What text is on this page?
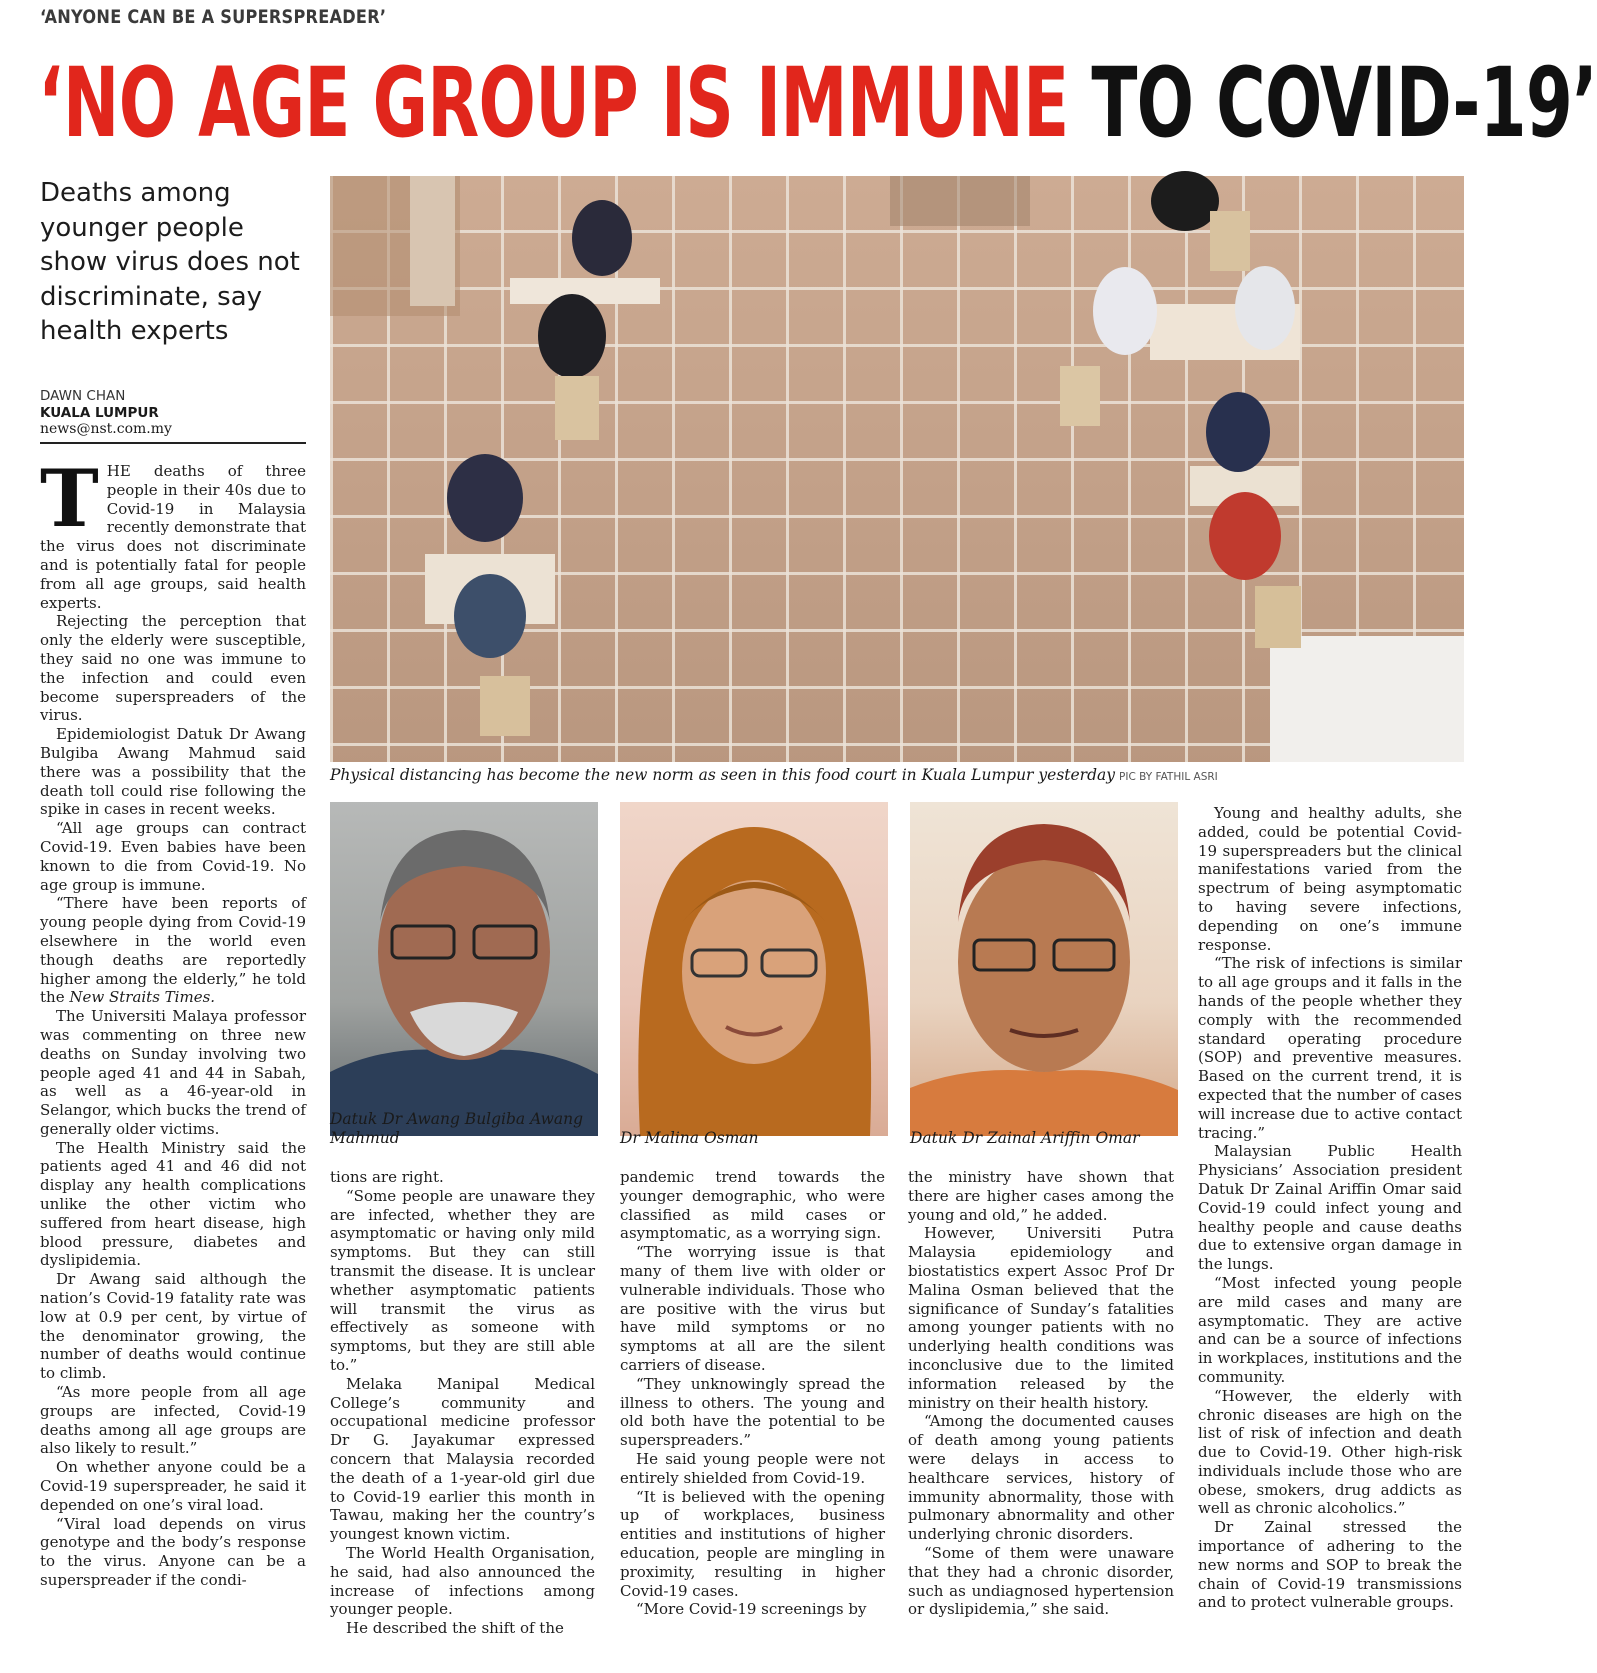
‘ANYONE CAN BE A SUPERSPREADER’
‘NO AGE GROUP IS IMMUNE TO COVID-19’
Deaths among younger people show virus does not discriminate, say health experts
DAWN CHAN
KUALA LUMPUR
news@nst.com.my
Physical distancing has become the new norm as seen in this food court in Kuala Lumpur yesterday PIC BY FATHIL ASRI
Datuk Dr Awang Bulgiba Awang Mahmud	Dr Malina Osman	Datuk Dr Zainal Ariffin Omar

THE deaths of three people in their 40s due to Covid-19 in Malaysia recently demonstrate that the virus does not discriminate and is potentially fatal for people from all age groups, said health experts.

Rejecting the perception that only the elderly were susceptible, they said no one was immune to the infection and could even become superspreaders of the virus.

Epidemiologist Datuk Dr Awang Bulgiba Awang Mahmud said there was a possibility that the death toll could rise following the spike in cases in recent weeks.

“All age groups can contract Covid-19. Even babies have been known to die from Covid-19. No age group is immune.

“There have been reports of young people dying from Covid-19 elsewhere in the world even though deaths are reportedly higher among the elderly,” he told the New Straits Times.

The Universiti Malaya professor was commenting on three new deaths on Sunday involving two people aged 41 and 44 in Sabah, as well as a 46-year-old in Selangor, which bucks the trend of generally older victims.

The Health Ministry said the patients aged 41 and 46 did not display any health complications unlike the other victim who suffered from heart disease, high blood pressure, diabetes and dyslipidemia.

Dr Awang said although the nation’s Covid-19 fatality rate was low at 0.9 per cent, by virtue of the denominator growing, the number of deaths would continue to climb.

“As more people from all age groups are infected, Covid-19 deaths among all age groups are also likely to result.”

On whether anyone could be a Covid-19 superspreader, he said it depended on one’s viral load.

“Viral load depends on virus genotype and the body’s response to the virus. Anyone can be a superspreader if the condi-

tions are right.

“Some people are unaware they are infected, whether they are asymptomatic or having only mild symptoms. But they can still transmit the disease. It is unclear whether asymptomatic patients will transmit the virus as effectively as someone with symptoms, but they are still able to.”

Melaka Manipal Medical College’s community and occupational medicine professor Dr G. Jayakumar expressed concern that Malaysia recorded the death of a 1-year-old girl due to Covid-19 earlier this month in Tawau, making her the country’s youngest known victim.

The World Health Organisation, he said, had also announced the increase of infections among younger people.

He described the shift of the

pandemic trend towards the younger demographic, who were classified as mild cases or asymptomatic, as a worrying sign.

“The worrying issue is that many of them live with older or vulnerable individuals. Those who are positive with the virus but have mild symptoms or no symptoms at all are the silent carriers of disease.

“They unknowingly spread the illness to others. The young and old both have the potential to be superspreaders.”

He said young people were not entirely shielded from Covid-19.

“It is believed with the opening up of workplaces, business entities and institutions of higher education, people are mingling in proximity, resulting in higher Covid-19 cases.

“More Covid-19 screenings by

the ministry have shown that there are higher cases among the young and old,” he added.

However, Universiti Putra Malaysia epidemiology and biostatistics expert Assoc Prof Dr Malina Osman believed that the significance of Sunday’s fatalities among younger patients with no underlying health conditions was inconclusive due to the limited information released by the ministry on their health history.

“Among the documented causes of death among young patients were delays in access to healthcare services, history of immunity abnormality, those with pulmonary abnormality and other underlying chronic disorders.

“Some of them were unaware that they had a chronic disorder, such as undiagnosed hypertension or dyslipidemia,” she said.

Young and healthy adults, she added, could be potential Covid-19 superspreaders but the clinical manifestations varied from the spectrum of being asymptomatic to having severe infections, depending on one’s immune response.

“The risk of infections is similar to all age groups and it falls in the hands of the people whether they comply with the recommended standard operating procedure (SOP) and preventive measures. Based on the current trend, it is expected that the number of cases will increase due to active contact tracing.”

Malaysian Public Health Physicians’ Association president Datuk Dr Zainal Ariffin Omar said Covid-19 could infect young and healthy people and cause deaths due to extensive organ damage in the lungs.

“Most infected young people are mild cases and many are asymptomatic. They are active and can be a source of infections in workplaces, institutions and the community.

“However, the elderly with chronic diseases are high on the list of risk of infection and death due to Covid-19. Other high-risk individuals include those who are obese, smokers, drug addicts as well as chronic alcoholics.”

Dr Zainal stressed the importance of adhering to the new norms and SOP to break the chain of Covid-19 transmissions and to protect vulnerable groups.
